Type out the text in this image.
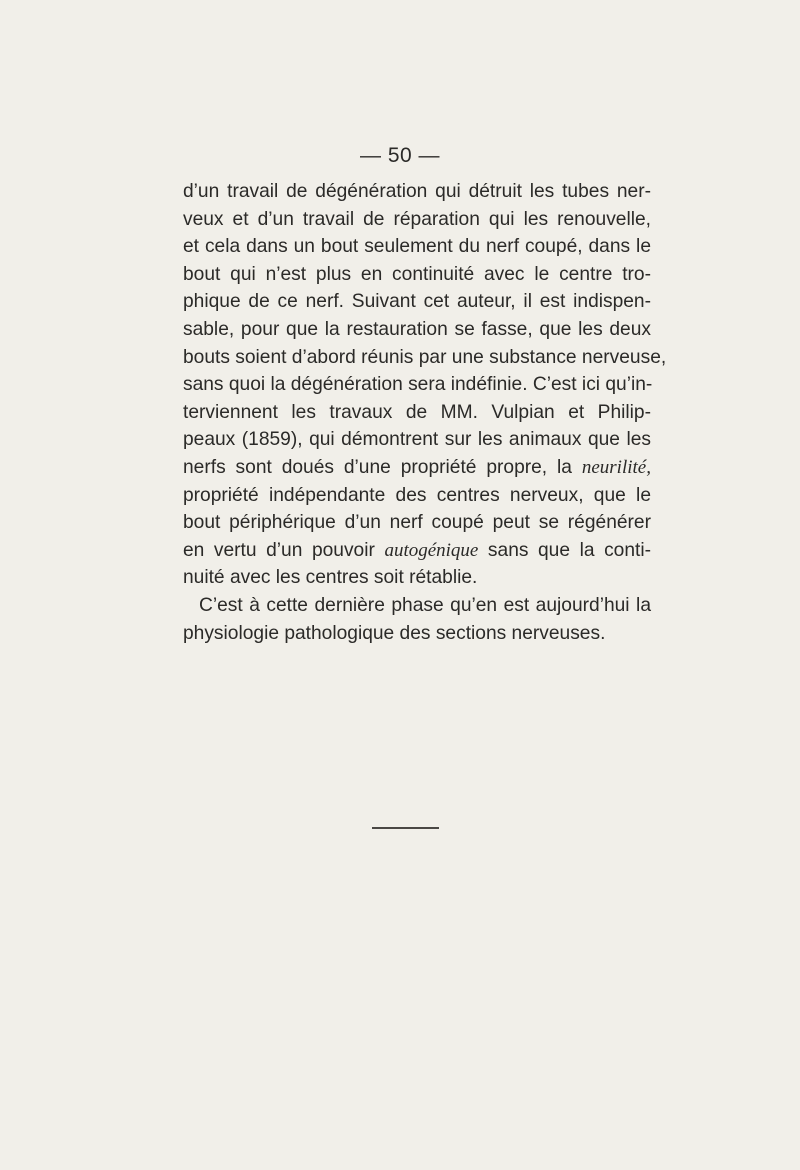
— 50 —
d’un travail de dégénération qui détruit les tubes ner-
veux et d’un travail de réparation qui les renouvelle,
et cela dans un bout seulement du nerf coupé, dans le
bout qui n’est plus en continuité avec le centre tro-
phique de ce nerf. Suivant cet auteur, il est indispen-
sable, pour que la restauration se fasse, que les deux
bouts soient d’abord réunis par une substance nerveuse,
sans quoi la dégénération sera indéfinie. C’est ici qu’in-
terviennent les travaux de MM. Vulpian et Philip-
peaux (1859), qui démontrent sur les animaux que les
nerfs sont doués d’une propriété propre, la neurilité,
propriété indépendante des centres nerveux, que le
bout périphérique d’un nerf coupé peut se régénérer
en vertu d’un pouvoir autogénique sans que la conti-
nuité avec les centres soit rétablie.
C’est à cette dernière phase qu’en est aujourd’hui la
physiologie pathologique des sections nerveuses.
